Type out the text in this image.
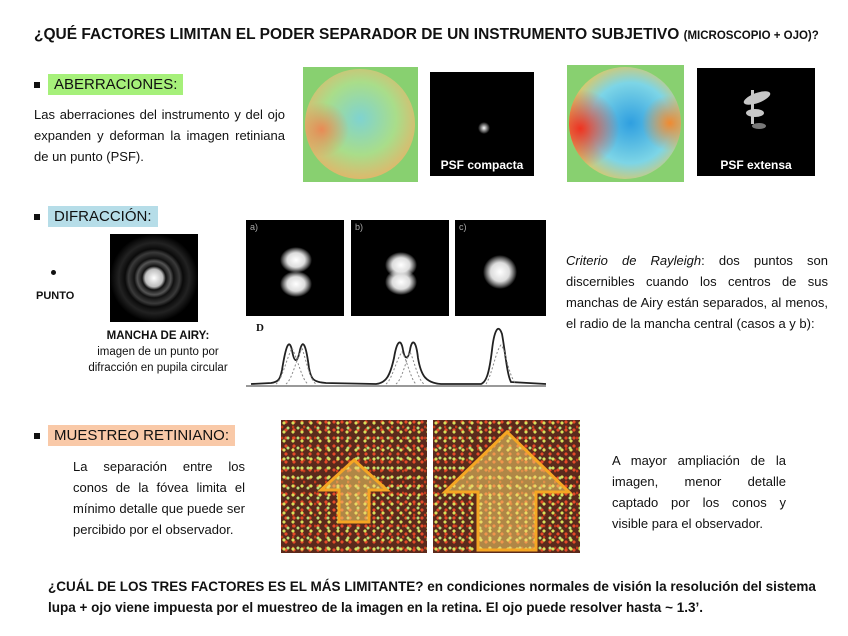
¿QUÉ FACTORES LIMITAN EL PODER SEPARADOR DE UN INSTRUMENTO SUBJETIVO (MICROSCOPIO + OJO)?
ABERRACIONES:
Las aberraciones del instrumento y del ojo expanden y deforman la imagen retiniana de un punto (PSF).
PSF compacta	PSF extensa
DIFRACCIÓN:
PUNTO
MANCHA DE AIRY:
imagen de un punto por difracción en pupila circular
a)	b)	c)
D
Criterio de Rayleigh: dos puntos son discernibles cuando los centros de sus manchas de Airy están separados, al menos, el radio de la mancha central (casos a y b):
MUESTREO RETINIANO:
La separación entre los conos de la fóvea limita el mínimo detalle que puede ser percibido por el observador.
A mayor ampliación de la imagen, menor detalle captado por los conos y visible para el observador.
¿CUÁL DE LOS TRES FACTORES ES EL MÁS LIMITANTE? en condiciones normales de visión la resolución del sistema lupa + ojo viene impuesta por el muestreo de la imagen en la retina. El ojo puede resolver hasta ~ 1.3’.
